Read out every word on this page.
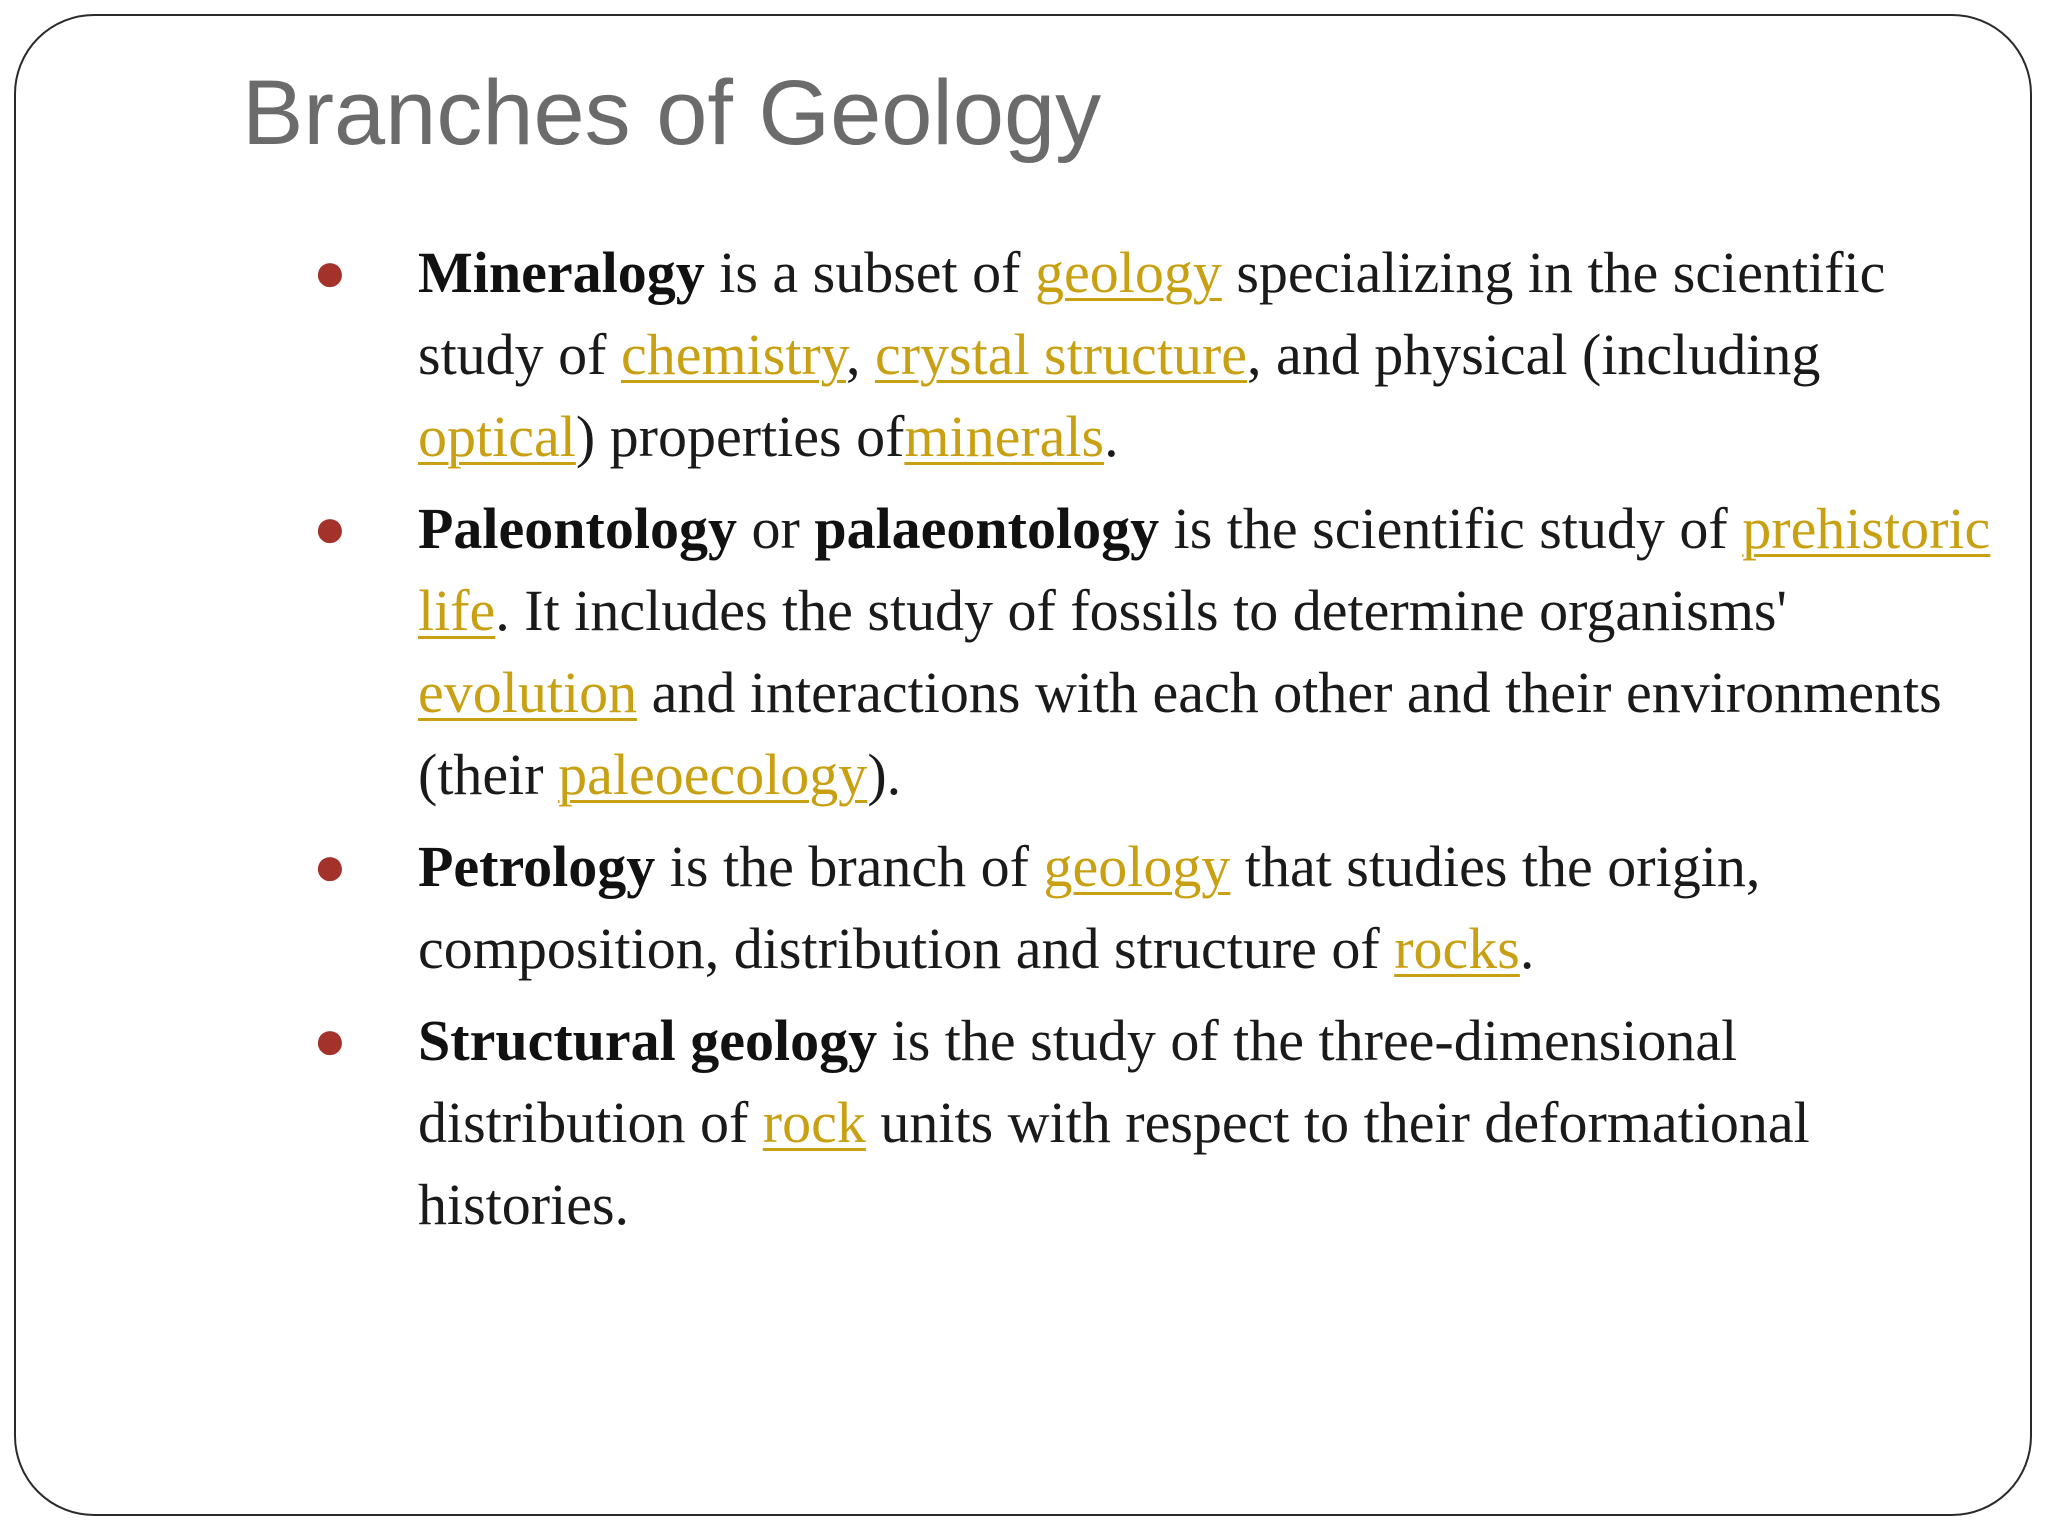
Branches of Geology
● Mineralogy is a subset of geology specializing in the scientific study of chemistry, crystal structure, and physical (including optical) properties ofminerals.
● Paleontology or palaeontology is the scientific study of prehistoric life. It includes the study of fossils to determine organisms' evolution and interactions with each other and their environments (their paleoecology).
● Petrology is the branch of geology that studies the origin, composition, distribution and structure of rocks.
● Structural geology is the study of the three-dimensional distribution of rock units with respect to their deformational histories.
